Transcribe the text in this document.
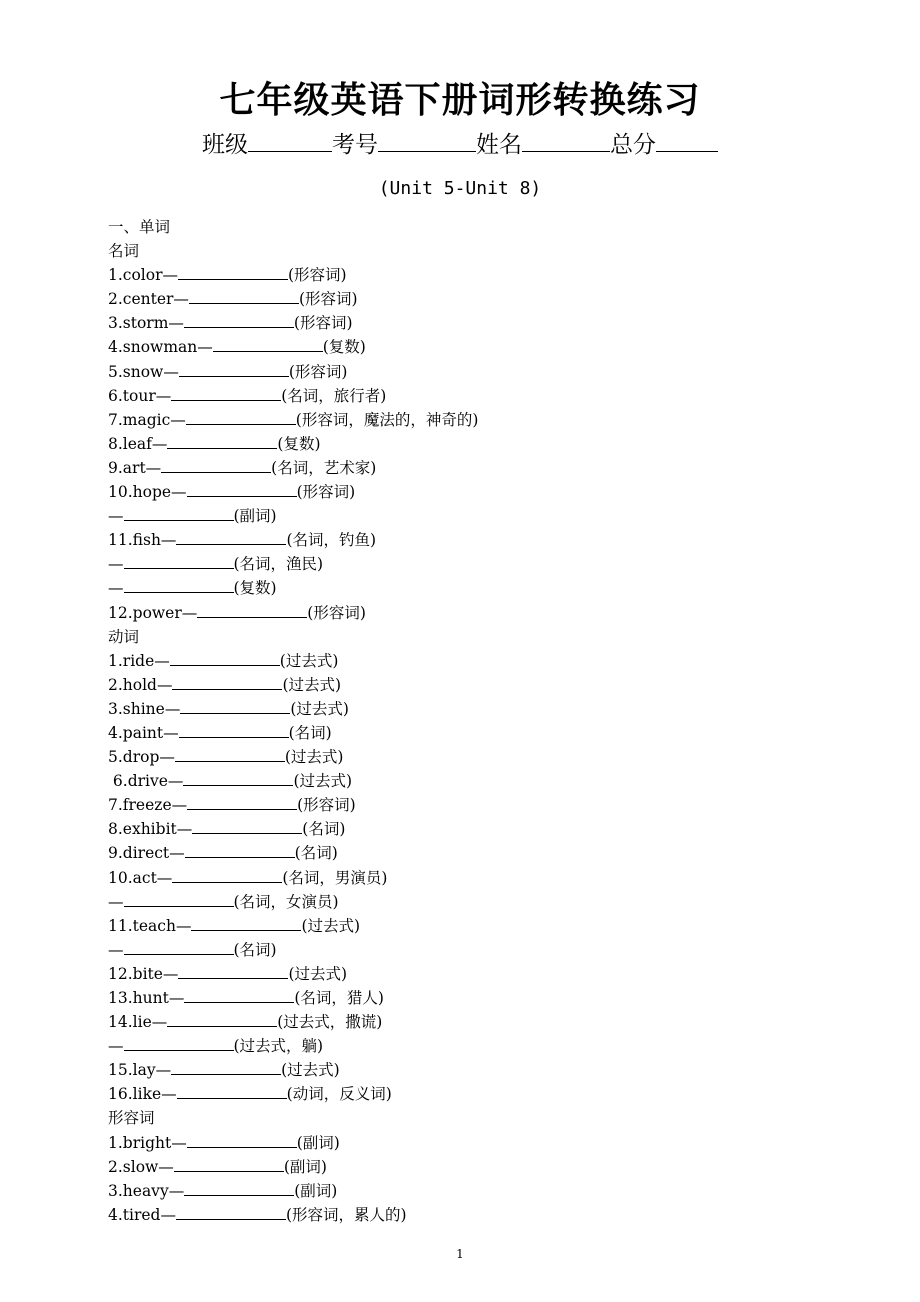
七年级英语下册词形转换练习
班级	考号	姓名	总分
(Unit 5-Unit 8)
一、单词
名词
1.color—	(形容词)
2.center—	(形容词)
3.storm—	(形容词)
4.snowman—	(复数)
5.snow—	(形容词)
6.tour—	(名词，旅行者)
7.magic—	(形容词，魔法的，神奇的)
8.leaf—	(复数)
9.art—	(名词，艺术家)
10.hope—	(形容词)
—	(副词)
11.fish—	(名词，钓鱼)
—	(名词，渔民)
—	(复数)
12.power—	(形容词)
动词
1.ride—	(过去式)
2.hold—	(过去式)
3.shine—	(过去式)
4.paint—	(名词)
5.drop—	(过去式)
6.drive—	(过去式)
7.freeze—	(形容词)
8.exhibit—	(名词)
9.direct—	(名词)
10.act—	(名词，男演员)
—	(名词，女演员)
11.teach—	(过去式)
—	(名词)
12.bite—	(过去式)
13.hunt—	(名词，猎人)
14.lie—	(过去式，撒谎)
—	(过去式，躺)
15.lay—	(过去式)
16.like—	(动词，反义词)
形容词
1.bright—	(副词)
2.slow—	(副词)
3.heavy—	(副词)
4.tired—	(形容词，累人的)
1
